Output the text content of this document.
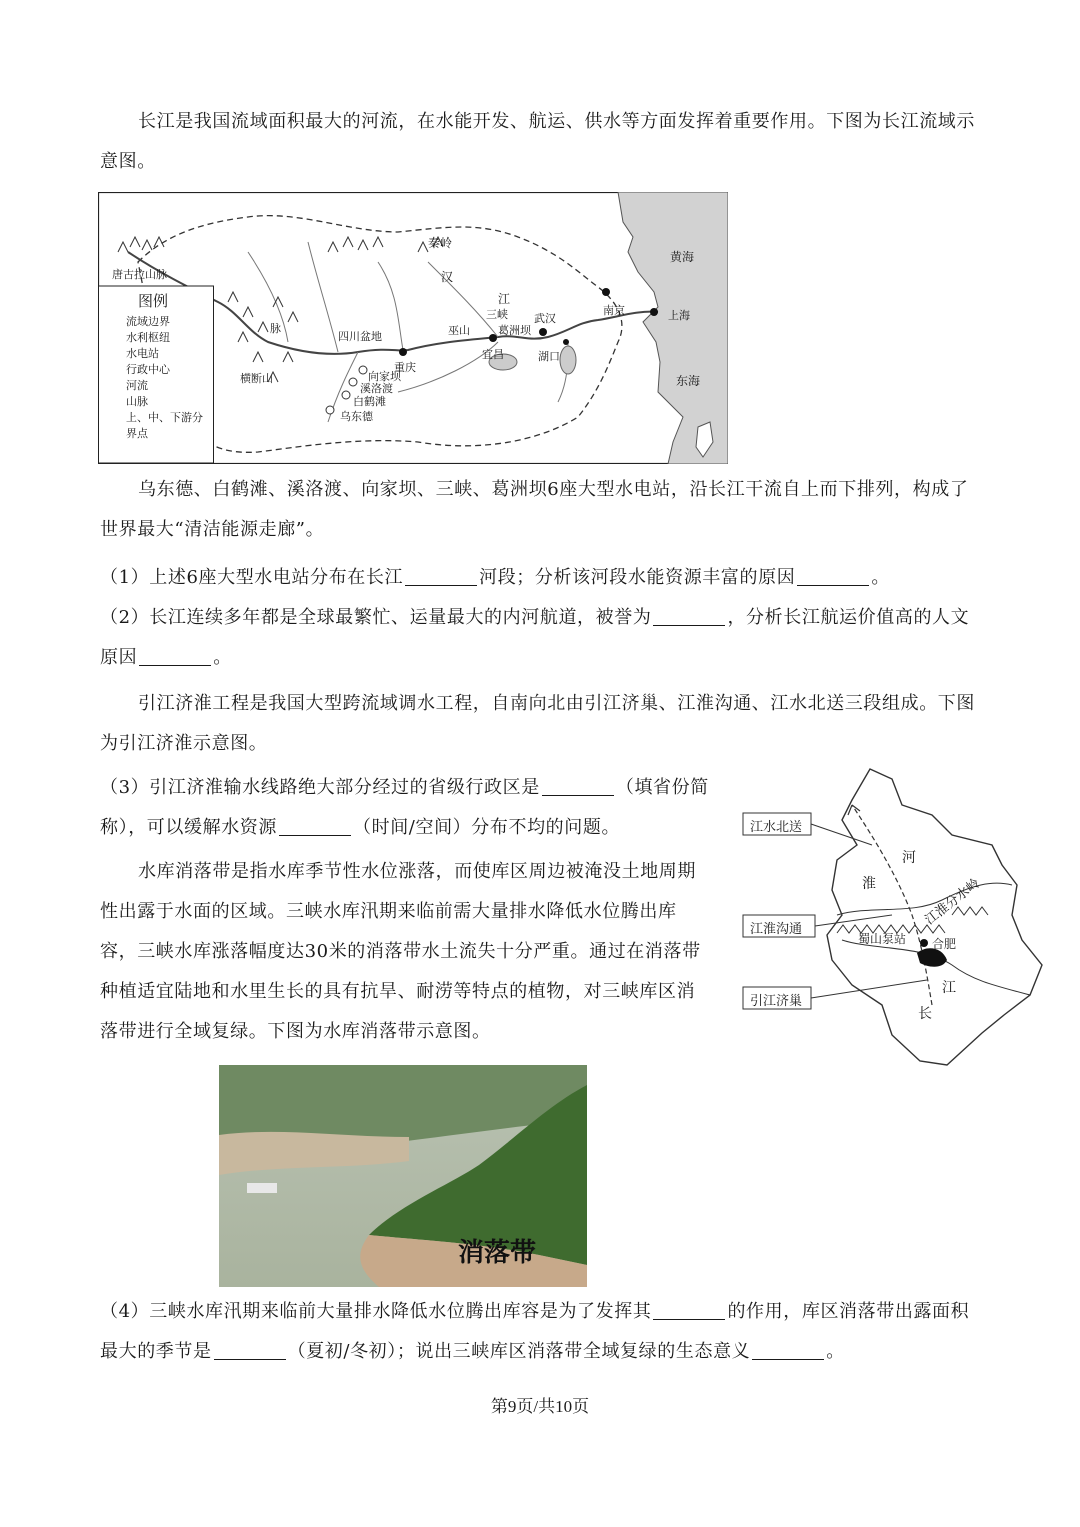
长江是我国流域面积最大的河流，在水能开发、航运、供水等方面发挥着重要作用。下图为长江流域示意图。
图例
流域边界
水利枢纽
水电站
行政中心
河流
山脉
上、中、下游分界点
唐古拉山脉
秦岭
汉
江
三峡
葛洲坝
巫山
宜昌
武汉
南京	上海
黄海
东海
湖口
重庆
四川盆地
向家坝
溪洛渡
白鹤滩
乌东德
横断山
脉
乌东德、白鹤滩、溪洛渡、向家坝、三峡、葛洲坝6座大型水电站，沿长江干流自上而下排列，构成了世界最大“清洁能源走廊”。
（1）上述6座大型水电站分布在长江	河段；分析该河段水能资源丰富的原因	。
（2）长江连续多年都是全球最繁忙、运量最大的内河航道，被誉为	，分析长江航运价值高的人文原因	。
引江济淮工程是我国大型跨流域调水工程，自南向北由引江济巢、江淮沟通、江水北送三段组成。下图为引江济淮示意图。
（3）引江济淮输水线路绝大部分经过的省级行政区是	（填省份简称），可以缓解水资源	（时间/空间）分布不均的问题。
水库消落带是指水库季节性水位涨落，而使库区周边被淹没土地周期性出露于水面的区域。三峡水库汛期来临前需大量排水降低水位腾出库容，三峡水库涨落幅度达30米的消落带水土流失十分严重。通过在消落带种植适宜陆地和水里生长的具有抗旱、耐涝等特点的植物，对三峡库区消落带进行全域复绿。下图为水库消落带示意图。
江水北送
江淮沟通
引江济巢
河
淮	江淮分水岭
蜀山泵站 合肥
江
长
消落带
（4）三峡水库汛期来临前大量排水降低水位腾出库容是为了发挥其	的作用，库区消落带出露面积最大的季节是	（夏初/冬初）；说出三峡库区消落带全域复绿的生态意义	。
第9页/共10页
